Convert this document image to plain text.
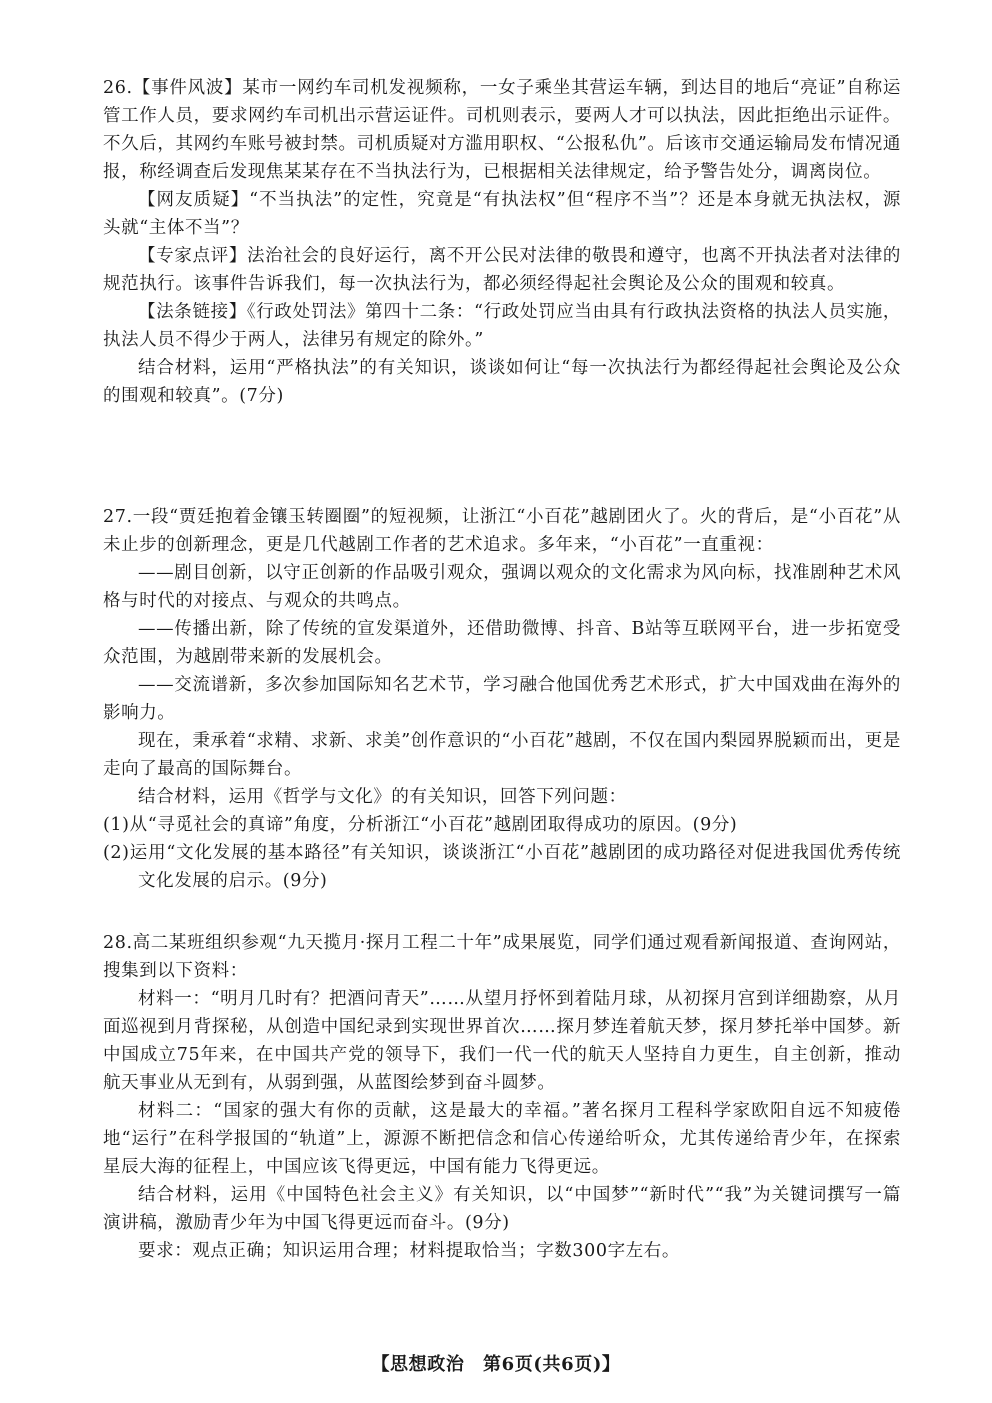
26.【事件风波】某市一网约车司机发视频称，一女子乘坐其营运车辆，到达目的地后“亮证”自称运管工作人员，要求网约车司机出示营运证件。司机则表示，要两人才可以执法，因此拒绝出示证件。不久后，其网约车账号被封禁。司机质疑对方滥用职权、“公报私仇”。后该市交通运输局发布情况通报，称经调查后发现焦某某存在不当执法行为，已根据相关法律规定，给予警告处分，调离岗位。

【网友质疑】“不当执法”的定性，究竟是“有执法权”但“程序不当”？还是本身就无执法权，源头就“主体不当”？

【专家点评】法治社会的良好运行，离不开公民对法律的敬畏和遵守，也离不开执法者对法律的规范执行。该事件告诉我们，每一次执法行为，都必须经得起社会舆论及公众的围观和较真。

【法条链接】《行政处罚法》第四十二条：“行政处罚应当由具有行政执法资格的执法人员实施，执法人员不得少于两人，法律另有规定的除外。”

结合材料，运用“严格执法”的有关知识，谈谈如何让“每一次执法行为都经得起社会舆论及公众的围观和较真”。(7分)

27.一段“贾廷抱着金镶玉转圈圈”的短视频，让浙江“小百花”越剧团火了。火的背后，是“小百花”从未止步的创新理念，更是几代越剧工作者的艺术追求。多年来，“小百花”一直重视：

——剧目创新，以守正创新的作品吸引观众，强调以观众的文化需求为风向标，找准剧种艺术风格与时代的对接点、与观众的共鸣点。

——传播出新，除了传统的宣发渠道外，还借助微博、抖音、B站等互联网平台，进一步拓宽受众范围，为越剧带来新的发展机会。

——交流谱新，多次参加国际知名艺术节，学习融合他国优秀艺术形式，扩大中国戏曲在海外的影响力。

现在，秉承着“求精、求新、求美”创作意识的“小百花”越剧，不仅在国内梨园界脱颖而出，更是走向了最高的国际舞台。

结合材料，运用《哲学与文化》的有关知识，回答下列问题：

(1)从“寻觅社会的真谛”角度，分析浙江“小百花”越剧团取得成功的原因。(9分)

(2)运用“文化发展的基本路径”有关知识，谈谈浙江“小百花”越剧团的成功路径对促进我国优秀传统文化发展的启示。(9分)

28.高二某班组织参观“九天揽月·探月工程二十年”成果展览，同学们通过观看新闻报道、查询网站，搜集到以下资料：

材料一：“明月几时有？把酒问青天”……从望月抒怀到着陆月球，从初探月宫到详细勘察，从月面巡视到月背探秘，从创造中国纪录到实现世界首次……探月梦连着航天梦，探月梦托举中国梦。新中国成立75年来，在中国共产党的领导下，我们一代一代的航天人坚持自力更生，自主创新，推动航天事业从无到有，从弱到强，从蓝图绘梦到奋斗圆梦。

材料二：“国家的强大有你的贡献，这是最大的幸福。”著名探月工程科学家欧阳自远不知疲倦地“运行”在科学报国的“轨道”上，源源不断把信念和信心传递给听众，尤其传递给青少年，在探索星辰大海的征程上，中国应该飞得更远，中国有能力飞得更远。

结合材料，运用《中国特色社会主义》有关知识，以“中国梦”“新时代”“我”为关键词撰写一篇演讲稿，激励青少年为中国飞得更远而奋斗。(9分)

要求：观点正确；知识运用合理；材料提取恰当；字数300字左右。

【思想政治　第6页(共6页)】
